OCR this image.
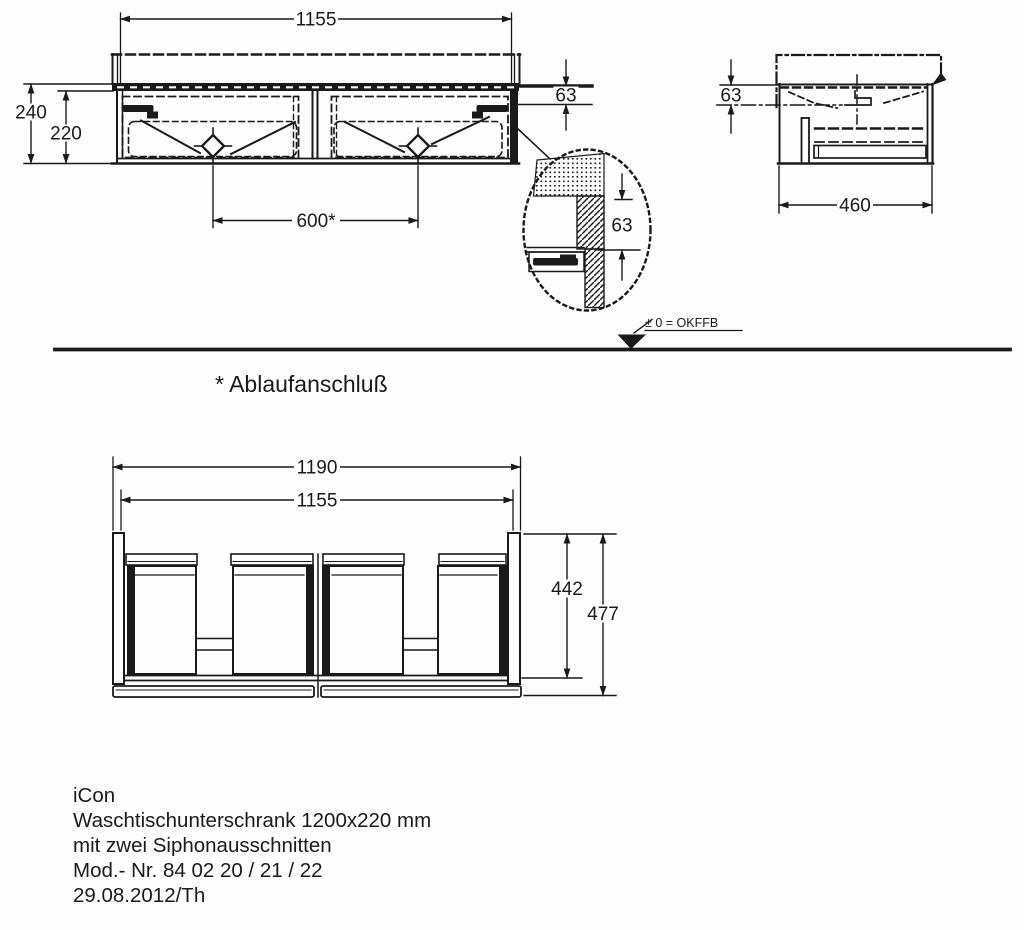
1155
240
220
63
600*
63
460
63
± 0 = OKFFB
* Ablaufanschluß
1190
1155
442
477
iCon
Waschtischunterschrank 1200x220 mm
mit zwei Siphonausschnitten
Mod.- Nr. 84 02 20 / 21 / 22
29.08.2012/Th
